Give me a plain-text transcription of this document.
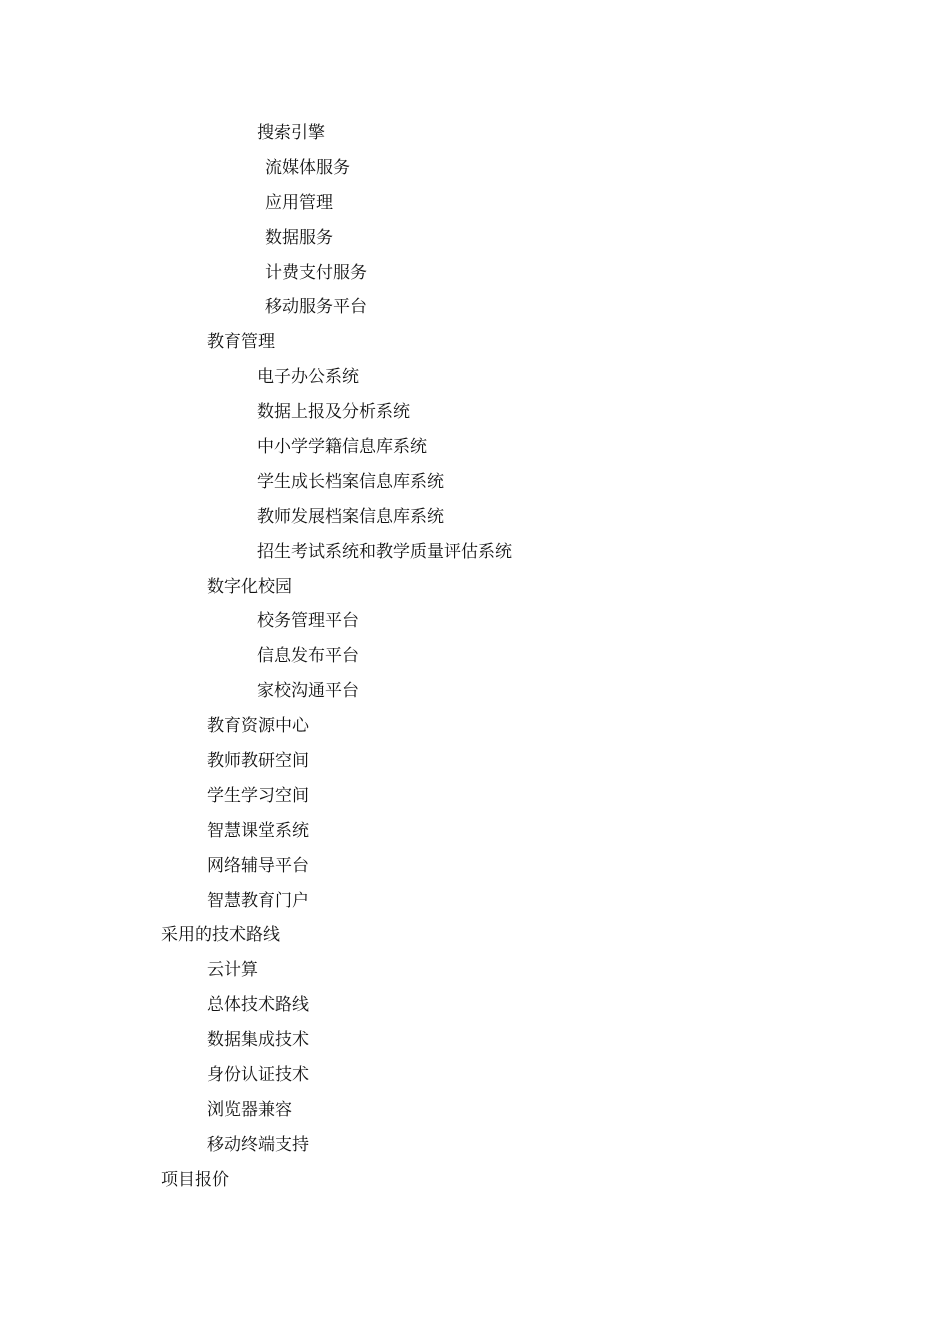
搜索引擎
流媒体服务
应用管理
数据服务
计费支付服务
移动服务平台
教育管理
电子办公系统
数据上报及分析系统
中小学学籍信息库系统
学生成长档案信息库系统
教师发展档案信息库系统
招生考试系统和教学质量评估系统
数字化校园
校务管理平台
信息发布平台
家校沟通平台
教育资源中心
教师教研空间
学生学习空间
智慧课堂系统
网络辅导平台
智慧教育门户
采用的技术路线
云计算
总体技术路线
数据集成技术
身份认证技术
浏览器兼容
移动终端支持
项目报价
